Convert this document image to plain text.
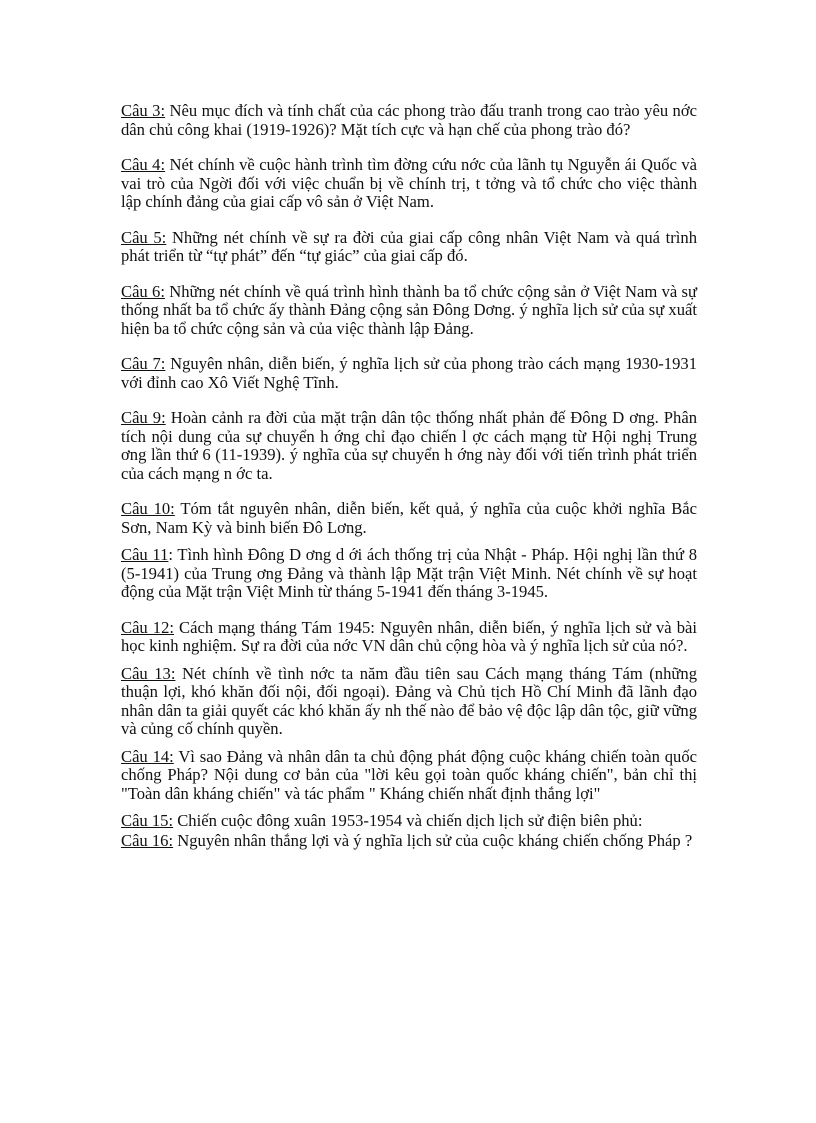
Câu 3: Nêu mục đích và tính chất của các phong trào đấu tranh trong cao trào yêu nớc dân chủ công khai (1919-1926)? Mặt tích cực và hạn chế của phong trào đó?

Câu 4: Nét chính về cuộc hành trình tìm đờng cứu nớc của lãnh tụ Nguyễn ái Quốc và vai trò của Ngời đối với việc chuẩn bị về chính trị, t tởng và tổ chức cho việc thành lập chính đảng của giai cấp vô sản ở Việt Nam.

Câu 5: Những nét chính về sự ra đời của giai cấp công nhân Việt Nam và quá trình phát triển từ “tự phát” đến “tự giác” của giai cấp đó.

Câu 6: Những nét chính về quá trình hình thành ba tổ chức cộng sản ở Việt Nam và sự thống nhất ba tổ chức ấy thành Đảng cộng sản Đông Dơng. ý nghĩa lịch sử của sự xuất hiện ba tổ chức cộng sản và của việc thành lập Đảng.

Câu 7: Nguyên nhân, diễn biến, ý nghĩa lịch sử của phong trào cách mạng 1930-1931 với đỉnh cao Xô Viết Nghệ Tĩnh.

Câu 9: Hoàn cảnh ra đời của mặt trận dân tộc thống nhất phản đế Đông D ơng. Phân tích nội dung của sự chuyển h ớng chỉ đạo chiến l ợc cách mạng từ Hội nghị Trung ơng lần thứ 6 (11-1939). ý nghĩa của sự chuyển h ớng này đối với tiến trình phát triển của cách mạng n ớc ta.

Câu 10: Tóm tắt nguyên nhân, diễn biến, kết quả, ý nghĩa của cuộc khởi nghĩa Bắc Sơn, Nam Kỳ và binh biến Đô Lơng.

Câu 11: Tình hình Đông D ơng d ới ách thống trị của Nhật - Pháp. Hội nghị lần thứ 8 (5-1941) của Trung ơng Đảng và thành lập Mặt trận Việt Minh. Nét chính về sự hoạt động của Mặt trận Việt Minh từ tháng 5-1941 đến tháng 3-1945.

Câu 12: Cách mạng tháng Tám 1945: Nguyên nhân, diễn biến, ý nghĩa lịch sử và bài học kinh nghiệm. Sự ra đời của nớc VN dân chủ cộng hòa và ý nghĩa lịch sử của nó?.

Câu 13: Nét chính về tình nớc ta năm đầu tiên sau Cách mạng tháng Tám (những thuận lợi, khó khăn đối nội, đối ngoại). Đảng và Chủ tịch Hồ Chí Minh đã lãnh đạo nhân dân ta giải quyết các khó khăn ấy nh thế nào để bảo vệ độc lập dân tộc, giữ vững và củng cố chính quyền.

Câu 14: Vì sao Đảng và nhân dân ta chủ động phát động cuộc kháng chiến toàn quốc chống Pháp? Nội dung cơ bản của "lời kêu gọi toàn quốc kháng chiến", bản chỉ thị "Toàn dân kháng chiến" và tác phẩm " Kháng chiến nhất định thắng lợi"

Câu 15: Chiến cuộc đông xuân 1953-1954 và chiến dịch lịch sử điện biên phủ:

Câu 16: Nguyên nhân thắng lợi và ý nghĩa lịch sử của cuộc kháng chiến chống Pháp ?
